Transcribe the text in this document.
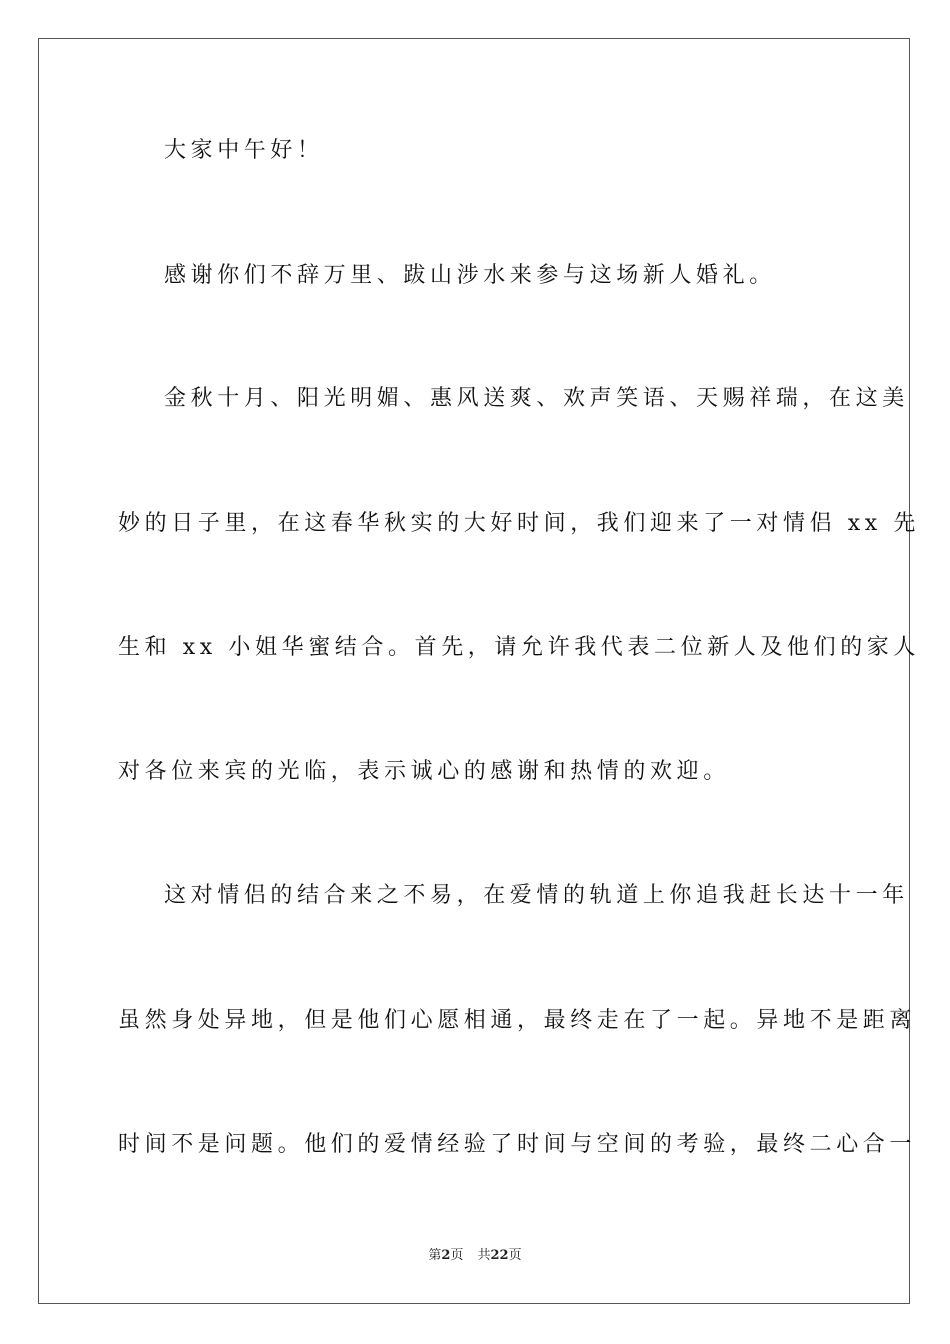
大家中午好！
感谢你们不辞万里、跋山涉水来参与这场新人婚礼。
金秋十月、阳光明媚、惠风送爽、欢声笑语、天赐祥瑞，在这美
妙的日子里，在这春华秋实的大好时间，我们迎来了一对情侣 xx 先
生和 xx 小姐华蜜结合。首先，请允许我代表二位新人及他们的家人
对各位来宾的光临，表示诚心的感谢和热情的欢迎。
这对情侣的结合来之不易，在爱情的轨道上你追我赶长达十一年
虽然身处异地，但是他们心愿相通，最终走在了一起。异地不是距离
时间不是问题。他们的爱情经验了时间与空间的考验，最终二心合一
第2页 共22页
